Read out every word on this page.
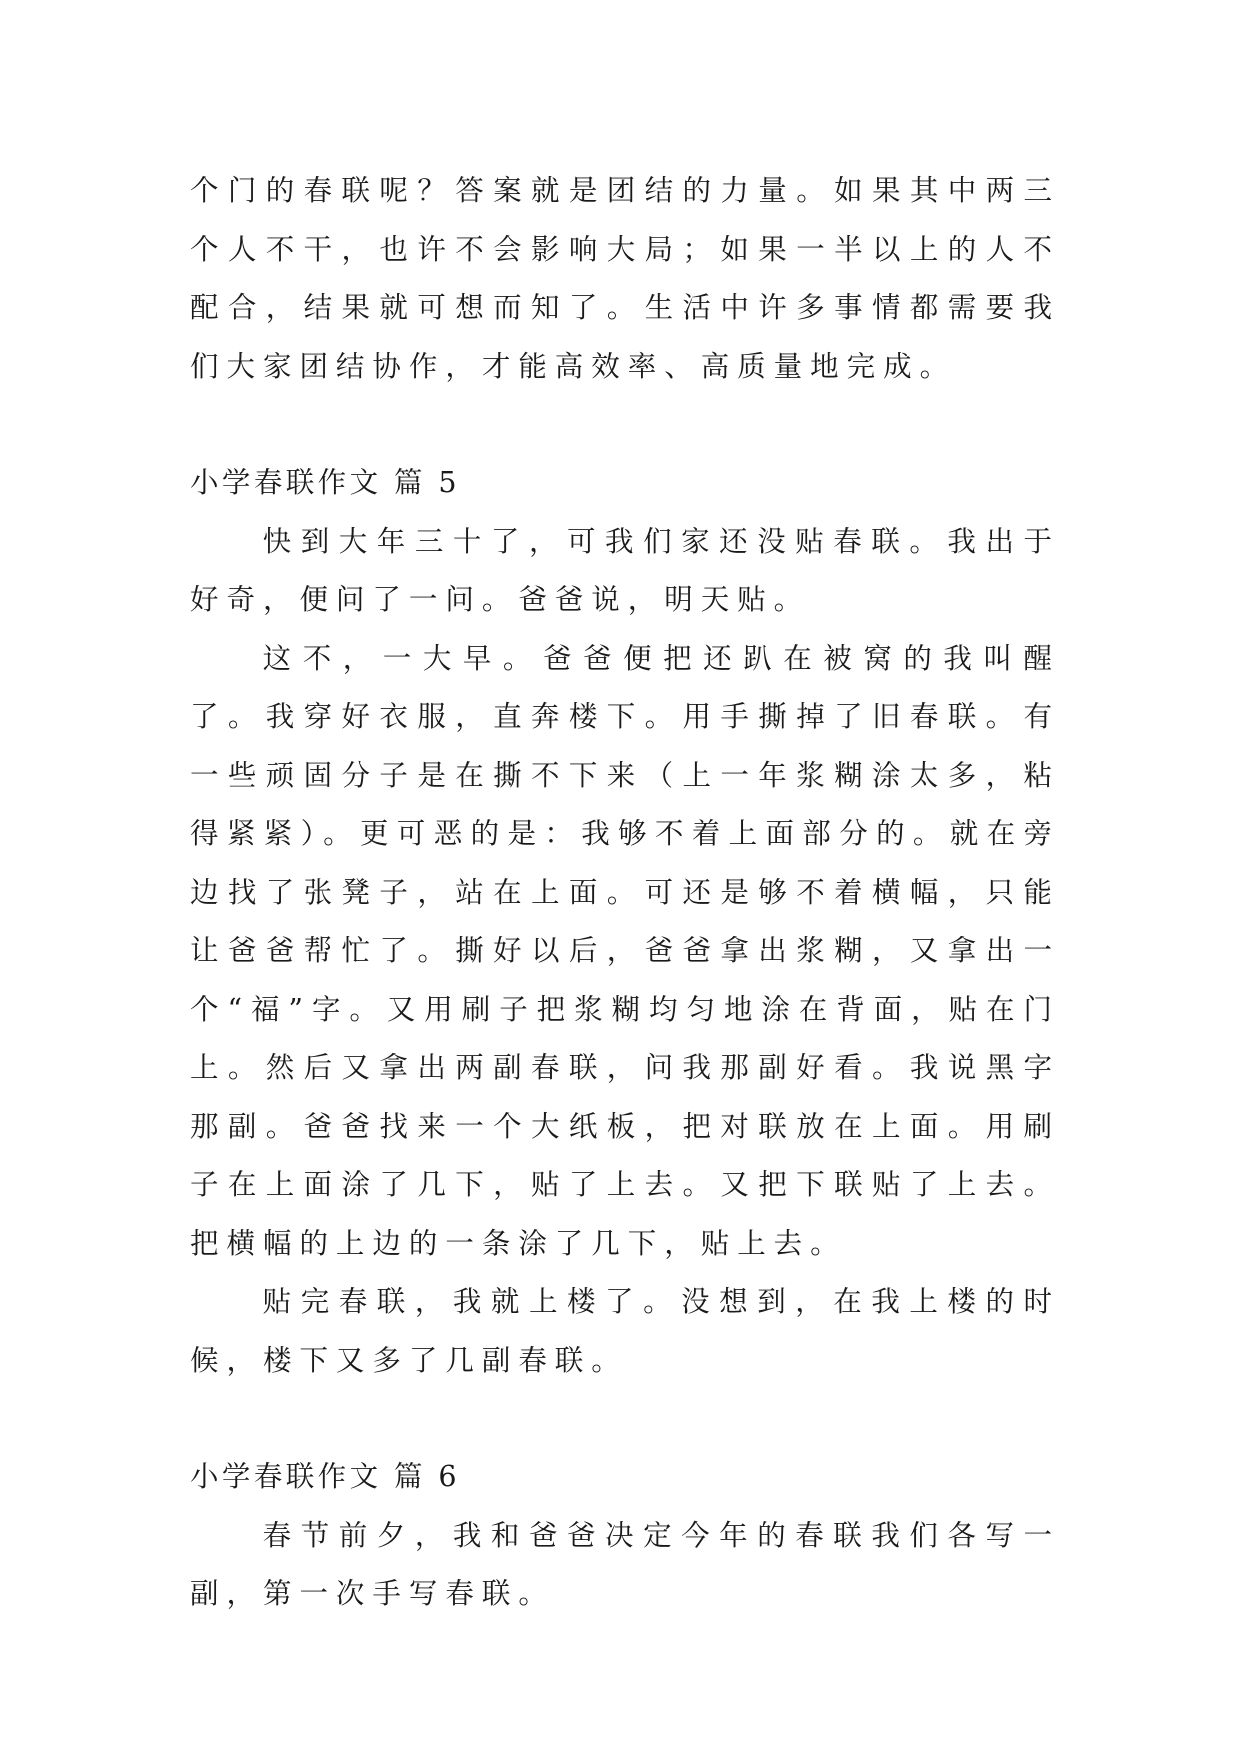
个门的春联呢？答案就是团结的力量。如果其中两三个人不干，也许不会影响大局；如果一半以上的人不配合，结果就可想而知了。生活中许多事情都需要我们大家团结协作，才能高效率、高质量地完成。

小学春联作文 篇 5

快到大年三十了，可我们家还没贴春联。我出于好奇，便问了一问。爸爸说，明天贴。

这不，一大早。爸爸便把还趴在被窝的我叫醒了。我穿好衣服，直奔楼下。用手撕掉了旧春联。有一些顽固分子是在撕不下来（上一年浆糊涂太多，粘得紧紧）。更可恶的是：我够不着上面部分的。就在旁边找了张凳子，站在上面。可还是够不着横幅，只能让爸爸帮忙了。撕好以后，爸爸拿出浆糊，又拿出一个“福”字。又用刷子把浆糊均匀地涂在背面，贴在门上。然后又拿出两副春联，问我那副好看。我说黑字那副。爸爸找来一个大纸板，把对联放在上面。用刷子在上面涂了几下，贴了上去。又把下联贴了上去。把横幅的上边的一条涂了几下，贴上去。

贴完春联，我就上楼了。没想到，在我上楼的时候，楼下又多了几副春联。

小学春联作文 篇 6

春节前夕，我和爸爸决定今年的春联我们各写一副，第一次手写春联。
